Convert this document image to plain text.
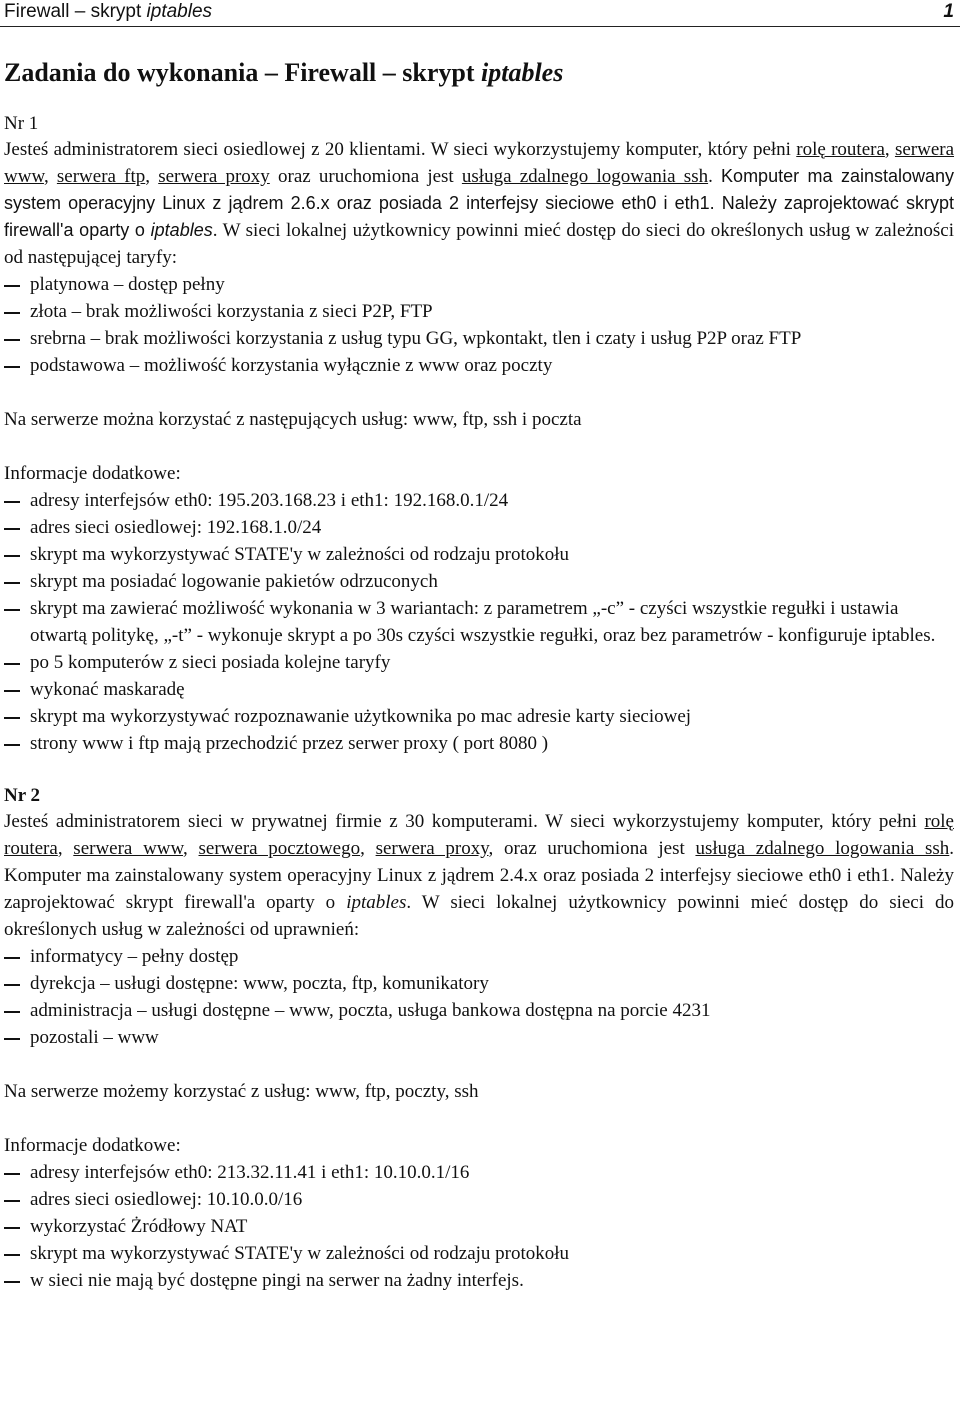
Firewall – skrypt iptables	1
Zadania do wykonania – Firewall – skrypt iptables
Nr 1

Jesteś administratorem sieci osiedlowej z 20 klientami. W sieci wykorzystujemy komputer, który pełni rolę routera, serwera www, serwera ftp, serwera proxy oraz uruchomiona jest usługa zdalnego logowania ssh. Komputer ma zainstalowany system operacyjny Linux z jądrem 2.6.x oraz posiada 2 interfejsy sieciowe eth0 i eth1. Należy zaprojektować skrypt firewall'a oparty o iptables. W sieci lokalnej użytkownicy powinni mieć dostęp do sieci do określonych usług w zależności od następującej taryfy:

platynowa – dostęp pełny
złota – brak możliwości korzystania z sieci P2P, FTP
srebrna – brak możliwości korzystania z usług typu GG, wpkontakt, tlen i czaty i usług P2P oraz FTP
podstawowa – możliwość korzystania wyłącznie z www oraz poczty

Na serwerze można korzystać z następujących usług: www, ftp, ssh i poczta

Informacje dodatkowe:

adresy interfejsów eth0: 195.203.168.23 i eth1: 192.168.0.1/24
adres sieci osiedlowej: 192.168.1.0/24
skrypt ma wykorzystywać STATE'y w zależności od rodzaju protokołu
skrypt ma posiadać logowanie pakietów odrzuconych
skrypt ma zawierać możliwość wykonania w 3 wariantach: z parametrem „-c” - czyści wszystkie regułki i ustawia otwartą politykę, „-t” - wykonuje skrypt a po 30s czyści wszystkie regułki, oraz bez parametrów - konfiguruje iptables.
po 5 komputerów z sieci posiada kolejne taryfy
wykonać maskaradę
skrypt ma wykorzystywać rozpoznawanie użytkownika po mac adresie karty sieciowej
strony www i ftp mają przechodzić przez serwer proxy ( port 8080 )
Nr 2

Jesteś administratorem sieci w prywatnej firmie z 30 komputerami. W sieci wykorzystujemy komputer, który pełni rolę routera, serwera www, serwera pocztowego, serwera proxy, oraz uruchomiona jest usługa zdalnego logowania ssh. Komputer ma zainstalowany system operacyjny Linux z jądrem 2.4.x oraz posiada 2 interfejsy sieciowe eth0 i eth1. Należy zaprojektować skrypt firewall'a oparty o iptables. W sieci lokalnej użytkownicy powinni mieć dostęp do sieci do określonych usług w zależności od uprawnień:

informatycy – pełny dostęp
dyrekcja – usługi dostępne: www, poczta, ftp, komunikatory
administracja – usługi dostępne – www, poczta, usługa bankowa dostępna na porcie 4231
pozostali – www

Na serwerze możemy korzystać z usług: www, ftp, poczty, ssh

Informacje dodatkowe:

adresy interfejsów eth0: 213.32.11.41 i eth1: 10.10.0.1/16
adres sieci osiedlowej: 10.10.0.0/16
wykorzystać Żródłowy NAT
skrypt ma wykorzystywać STATE'y w zależności od rodzaju protokołu
w sieci nie mają być dostępne pingi na serwer na żadny interfejs.
